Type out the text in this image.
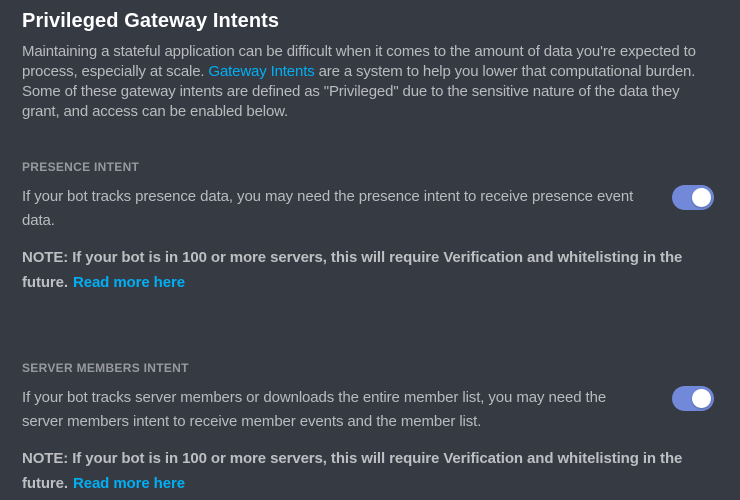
Privileged Gateway Intents

Maintaining a stateful application can be difficult when it comes to the amount of data you're expected to process, especially at scale. Gateway Intents are a system to help you lower that computational burden. Some of these gateway intents are defined as "Privileged" due to the sensitive nature of the data they grant, and access can be enabled below.

PRESENCE INTENT

If your bot tracks presence data, you may need the presence intent to receive presence event data.

NOTE: If your bot is in 100 or more servers, this will require Verification and whitelisting in the future. Read more here

SERVER MEMBERS INTENT

If your bot tracks server members or downloads the entire member list, you may need the server members intent to receive member events and the member list.

NOTE: If your bot is in 100 or more servers, this will require Verification and whitelisting in the future. Read more here
